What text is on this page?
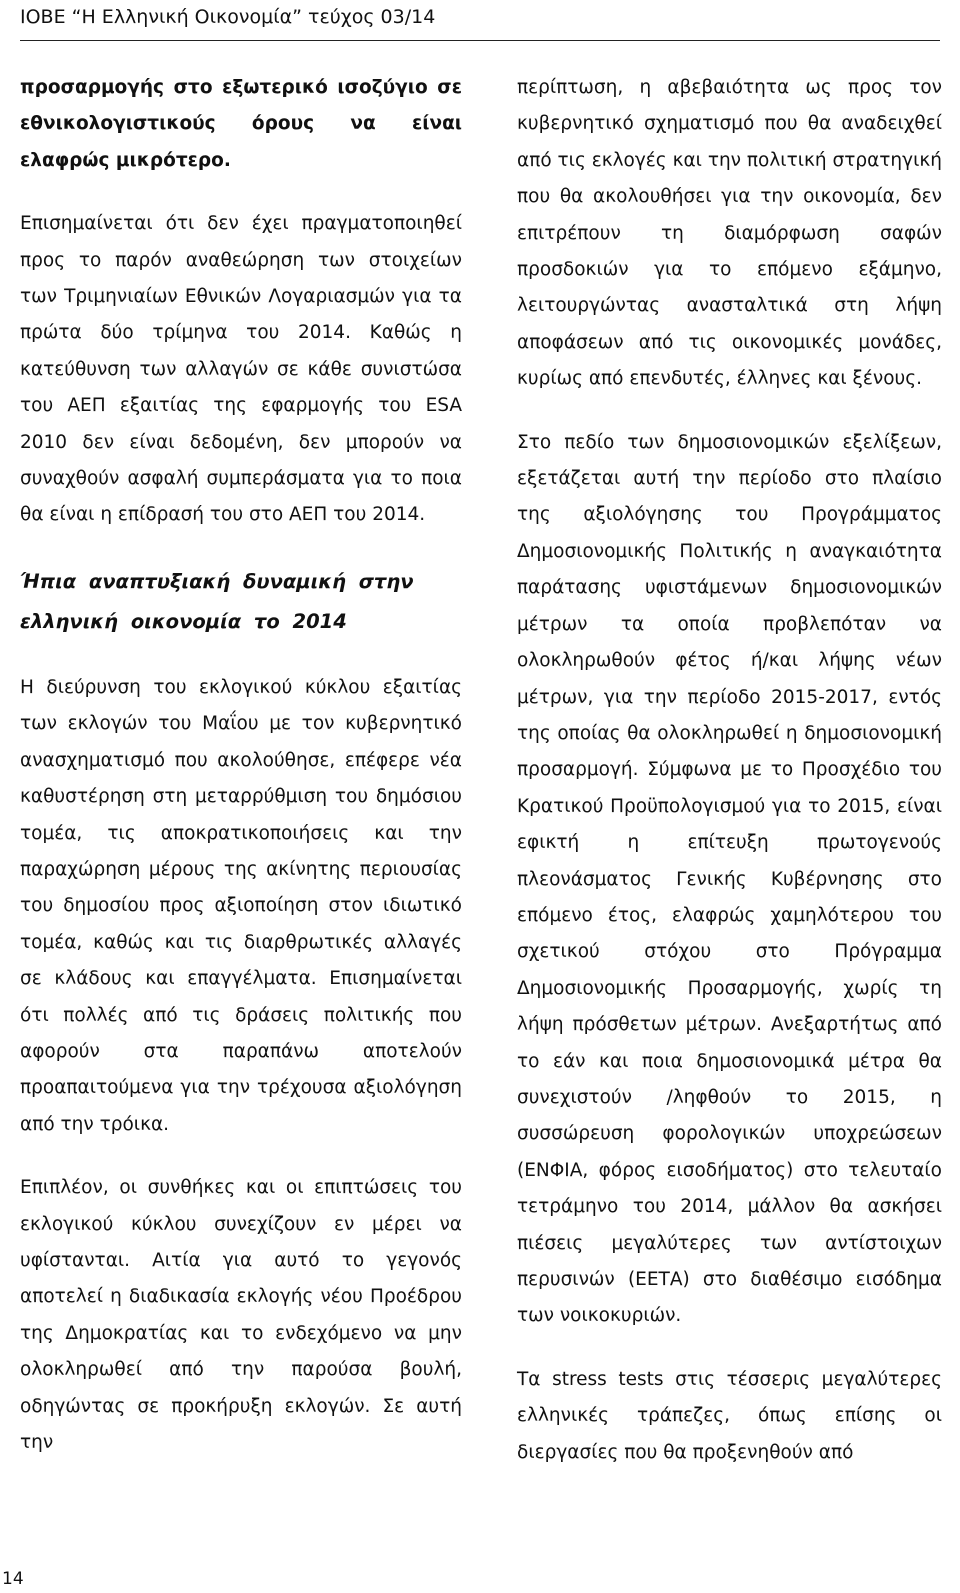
ΙΟΒΕ “Η Ελληνική Οικονομία” τεύχος 03/14

προσαρμογής στο εξωτερικό ισοζύγιο σε εθνικολογιστικούς όρους να είναι ελαφρώς μικρότερο.

Επισημαίνεται ότι δεν έχει πραγματοποιηθεί προς το παρόν αναθεώρηση των στοιχείων των Τριμηνιαίων Εθνικών Λογαριασμών για τα πρώτα δύο τρίμηνα του 2014. Καθώς η κατεύθυνση των αλλαγών σε κάθε συνιστώσα του ΑΕΠ εξαιτίας της εφαρμογής του ESA 2010 δεν είναι δεδομένη, δεν μπορούν να συναχθούν ασφαλή συμπεράσματα για το ποια θα είναι η επίδρασή του στο ΑΕΠ του 2014.

Ήπια αναπτυξιακή δυναμική στην ελληνική οικονομία το 2014

Η διεύρυνση του εκλογικού κύκλου εξαιτίας των εκλογών του Μαΐου με τον κυβερνητικό ανασχηματισμό που ακολούθησε, επέφερε νέα καθυστέρηση στη μεταρρύθμιση του δημόσιου τομέα, τις αποκρατικοποιήσεις και την παραχώρηση μέρους της ακίνητης περιουσίας του δημοσίου προς αξιοποίηση στον ιδιωτικό τομέα, καθώς και τις διαρθρωτικές αλλαγές σε κλάδους και επαγγέλματα. Επισημαίνεται ότι πολλές από τις δράσεις πολιτικής που αφορούν στα παραπάνω αποτελούν προαπαιτούμενα για την τρέχουσα αξιολόγηση από την τρόικα.

Επιπλέον, οι συνθήκες και οι επιπτώσεις του εκλογικού κύκλου συνεχίζουν εν μέρει να υφίστανται. Αιτία για αυτό το γεγονός αποτελεί η διαδικασία εκλογής νέου Προέδρου της Δημοκρατίας και το ενδεχόμενο να μην ολοκληρωθεί από την παρούσα βουλή, οδηγώντας σε προκήρυξη εκλογών. Σε αυτή την

περίπτωση, η αβεβαιότητα ως προς τον κυβερνητικό σχηματισμό που θα αναδειχθεί από τις εκλογές και την πολιτική στρατηγική που θα ακολουθήσει για την οικονομία, δεν επιτρέπουν τη διαμόρφωση σαφών προσδοκιών για το επόμενο εξάμηνο, λειτουργώντας ανασταλτικά στη λήψη αποφάσεων από τις οικονομικές μονάδες, κυρίως από επενδυτές, έλληνες και ξένους.

Στο πεδίο των δημοσιονομικών εξελίξεων, εξετάζεται αυτή την περίοδο στο πλαίσιο της αξιολόγησης του Προγράμματος Δημοσιονομικής Πολιτικής η αναγκαιότητα παράτασης υφιστάμενων δημοσιονομικών μέτρων τα οποία προβλεπόταν να ολοκληρωθούν φέτος ή/και λήψης νέων μέτρων, για την περίοδο 2015-2017, εντός της οποίας θα ολοκληρωθεί η δημοσιονομική προσαρμογή. Σύμφωνα με το Προσχέδιο του Κρατικού Προϋπολογισμού για το 2015, είναι εφικτή η επίτευξη πρωτογενούς πλεονάσματος Γενικής Κυβέρνησης στο επόμενο έτος, ελαφρώς χαμηλότερου του σχετικού στόχου στο Πρόγραμμα Δημοσιονομικής Προσαρμογής, χωρίς τη λήψη πρόσθετων μέτρων. Ανεξαρτήτως από το εάν και ποια δημοσιονομικά μέτρα θα συνεχιστούν /ληφθούν το 2015, η συσσώρευση φορολογικών υποχρεώσεων (ΕΝΦΙΑ, φόρος εισοδήματος) στο τελευταίο τετράμηνο του 2014, μάλλον θα ασκήσει πιέσεις μεγαλύτερες των αντίστοιχων περυσινών (ΕΕΤΑ) στο διαθέσιμο εισόδημα των νοικοκυριών.

Τα stress tests στις τέσσερις μεγαλύτερες ελληνικές τράπεζες, όπως επίσης οι διεργασίες που θα προξενηθούν από

14
